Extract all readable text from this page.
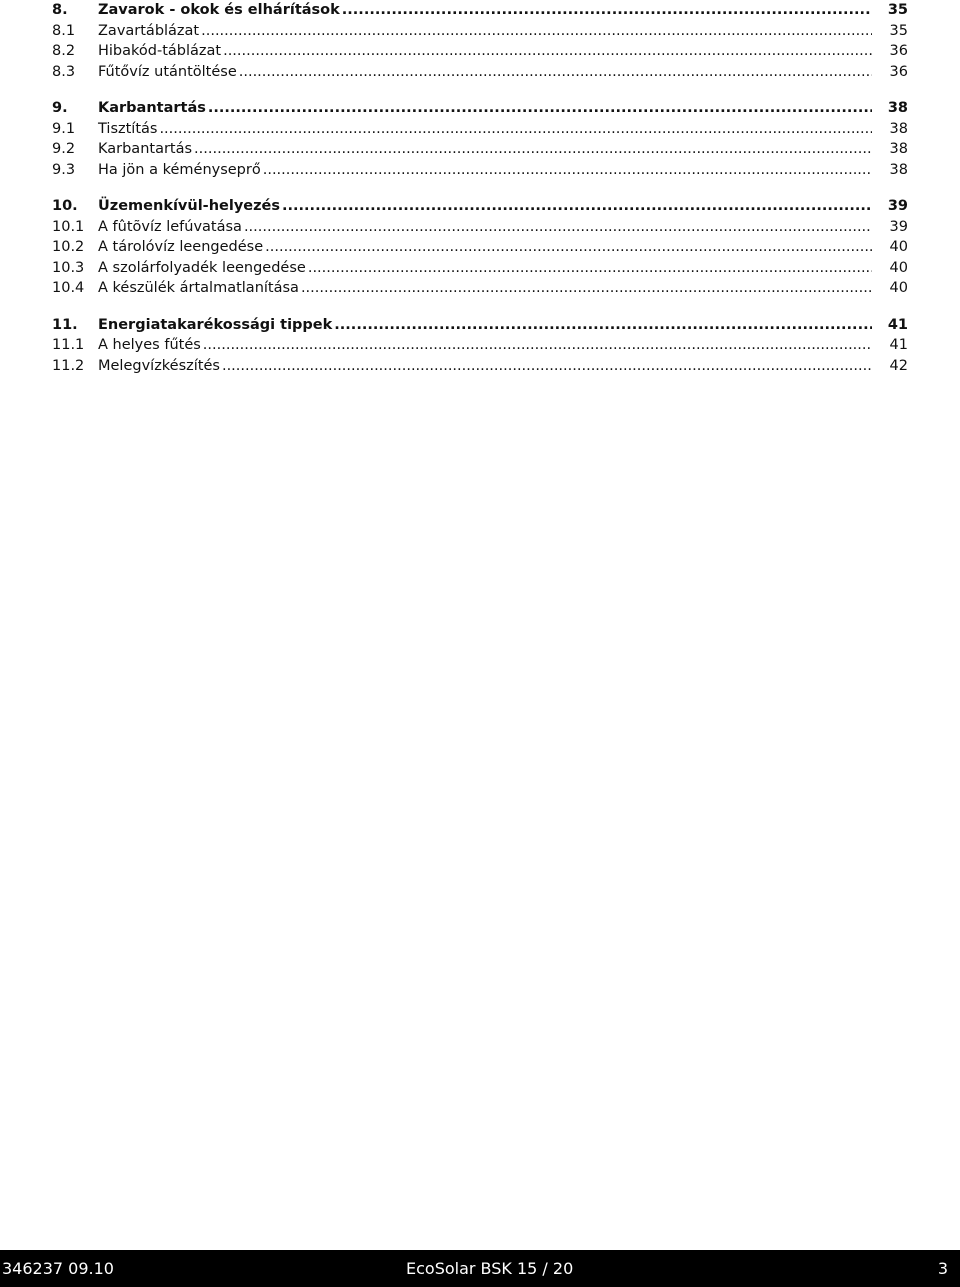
8.	Zavarok - okok és elhárítások .....	35
8.1	Zavartáblázat .....	35
8.2	Hibakód-táblázat .....	36
8.3	Fűtővíz utántöltése .....	36
9.	Karbantartás .....	38
9.1	Tisztítás .....	38
9.2	Karbantartás .....	38
9.3	Ha jön a kéményseprő .....	38
10.	Üzemenkívül-helyezés .....	39
10.1 A fûtõvíz lefúvatása .....	39
10.2 A tárolóvíz leengedése .....	40
10.3 A szolárfolyadék leengedése .....	40
10.4 A készülék ártalmatlanítása .....	40
11.	Energiatakarékossági tippek .....	41
11.1 A helyes fűtés .....	41
11.2 Melegvízkészítés .....	42
346237 09.10	EcoSolar BSK 15 / 20	3
